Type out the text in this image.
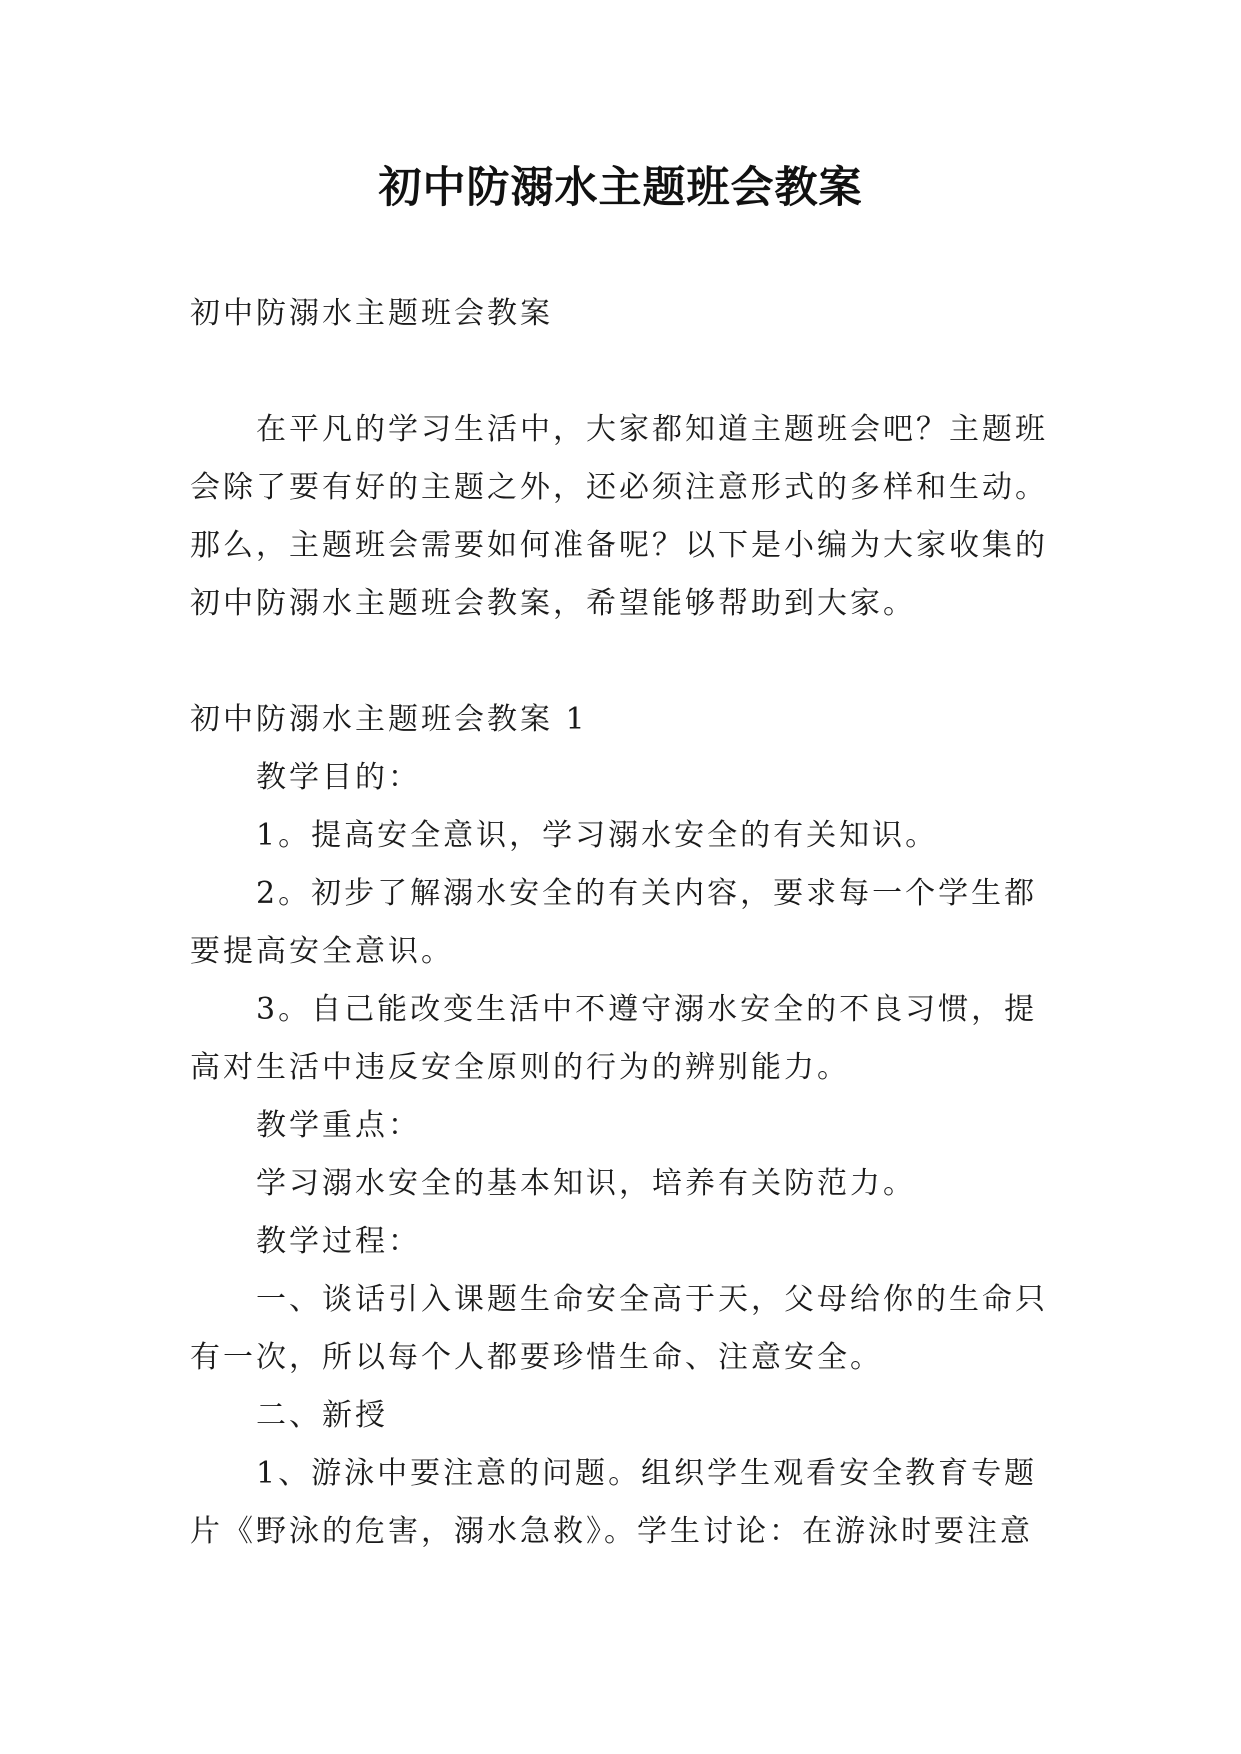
初中防溺水主题班会教案

初中防溺水主题班会教案

在平凡的学习生活中，大家都知道主题班会吧？主题班

会除了要有好的主题之外，还必须注意形式的多样和生动。

那么，主题班会需要如何准备呢？以下是小编为大家收集的

初中防溺水主题班会教案，希望能够帮助到大家。

初中防溺水主题班会教案 1

教学目的：

1。提高安全意识，学习溺水安全的有关知识。

2。初步了解溺水安全的有关内容，要求每一个学生都

要提高安全意识。

3。自己能改变生活中不遵守溺水安全的不良习惯，提

高对生活中违反安全原则的行为的辨别能力。

教学重点：

学习溺水安全的基本知识，培养有关防范力。

教学过程：

一、谈话引入课题生命安全高于天，父母给你的生命只

有一次，所以每个人都要珍惜生命、注意安全。

二、新授

1、游泳中要注意的问题。组织学生观看安全教育专题

片《野泳的危害，溺水急救》。学生讨论：在游泳时要注意
